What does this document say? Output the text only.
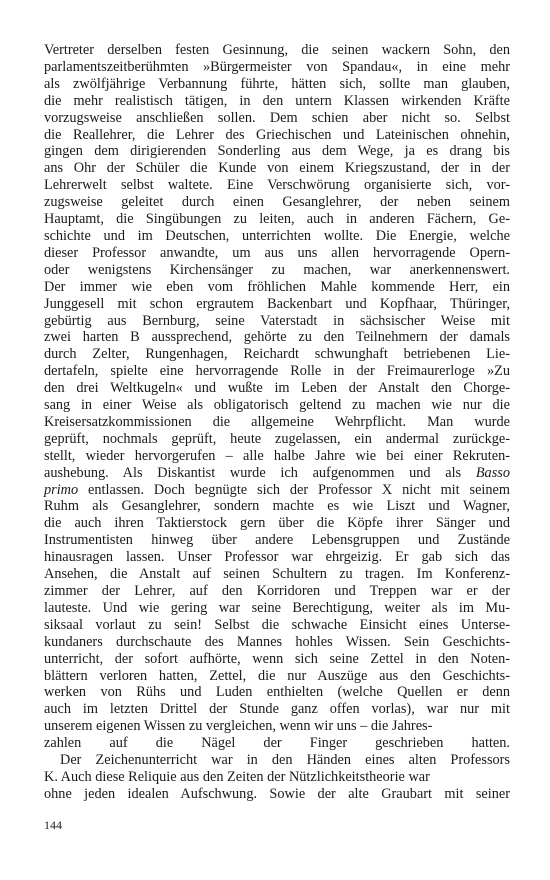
Vertreter derselben festen Gesinnung, die seinen wackern Sohn, den
parlamentszeitberühmten »Bürgermeister von Spandau«, in eine mehr
als zwölfjährige Verbannung führte, hätten sich, sollte man glauben,
die mehr realistisch tätigen, in den untern Klassen wirkenden Kräfte
vorzugsweise anschließen sollen. Dem schien aber nicht so. Selbst
die Reallehrer, die Lehrer des Griechischen und Lateinischen ohnehin,
gingen dem dirigierenden Sonderling aus dem Wege, ja es drang bis
ans Ohr der Schüler die Kunde von einem Kriegszustand, der in der
Lehrerwelt selbst waltete. Eine Verschwörung organisierte sich, vor-
zugsweise geleitet durch einen Gesanglehrer, der neben seinem
Hauptamt, die Singübungen zu leiten, auch in anderen Fächern, Ge-
schichte und im Deutschen, unterrichten wollte. Die Energie, welche
dieser Professor anwandte, um aus uns allen hervorragende Opern-
oder wenigstens Kirchensänger zu machen, war anerkennenswert.
Der immer wie eben vom fröhlichen Mahle kommende Herr, ein
Junggesell mit schon ergrautem Backenbart und Kopfhaar, Thüringer,
gebürtig aus Bernburg, seine Vaterstadt in sächsischer Weise mit
zwei harten B aussprechend, gehörte zu den Teilnehmern der damals
durch Zelter, Rungenhagen, Reichardt schwunghaft betriebenen Lie-
dertafeln, spielte eine hervorragende Rolle in der Freimaurerloge »Zu
den drei Weltkugeln« und wußte im Leben der Anstalt den Chorge-
sang in einer Weise als obligatorisch geltend zu machen wie nur die
Kreisersatzkommissionen die allgemeine Wehrpflicht. Man wurde
geprüft, nochmals geprüft, heute zugelassen, ein andermal zurückge-
stellt, wieder hervorgerufen – alle halbe Jahre wie bei einer Rekruten-
aushebung. Als Diskantist wurde ich aufgenommen und als Basso
primo entlassen. Doch begnügte sich der Professor X nicht mit seinem
Ruhm als Gesanglehrer, sondern machte es wie Liszt und Wagner,
die auch ihren Taktierstock gern über die Köpfe ihrer Sänger und
Instrumentisten hinweg über andere Lebensgruppen und Zustände
hinausragen lassen. Unser Professor war ehrgeizig. Er gab sich das
Ansehen, die Anstalt auf seinen Schultern zu tragen. Im Konferenz-
zimmer der Lehrer, auf den Korridoren und Treppen war er der
lauteste. Und wie gering war seine Berechtigung, weiter als im Mu-
siksaal vorlaut zu sein! Selbst die schwache Einsicht eines Unterse-
kundaners durchschaute des Mannes hohles Wissen. Sein Geschichts-
unterricht, der sofort aufhörte, wenn sich seine Zettel in den Noten-
blättern verloren hatten, Zettel, die nur Auszüge aus den Geschichts-
werken von Rühs und Luden enthielten (welche Quellen er denn
auch im letzten Drittel der Stunde ganz offen vorlas), war nur mit
unserem eigenen Wissen zu vergleichen, wenn wir uns – die Jahres-
zahlen auf die Nägel der Finger geschrieben hatten.
Der Zeichenunterricht war in den Händen eines alten Professors
K. Auch diese Reliquie aus den Zeiten der Nützlichkeitstheorie war
ohne jeden idealen Aufschwung. Sowie der alte Graubart mit seiner
144
